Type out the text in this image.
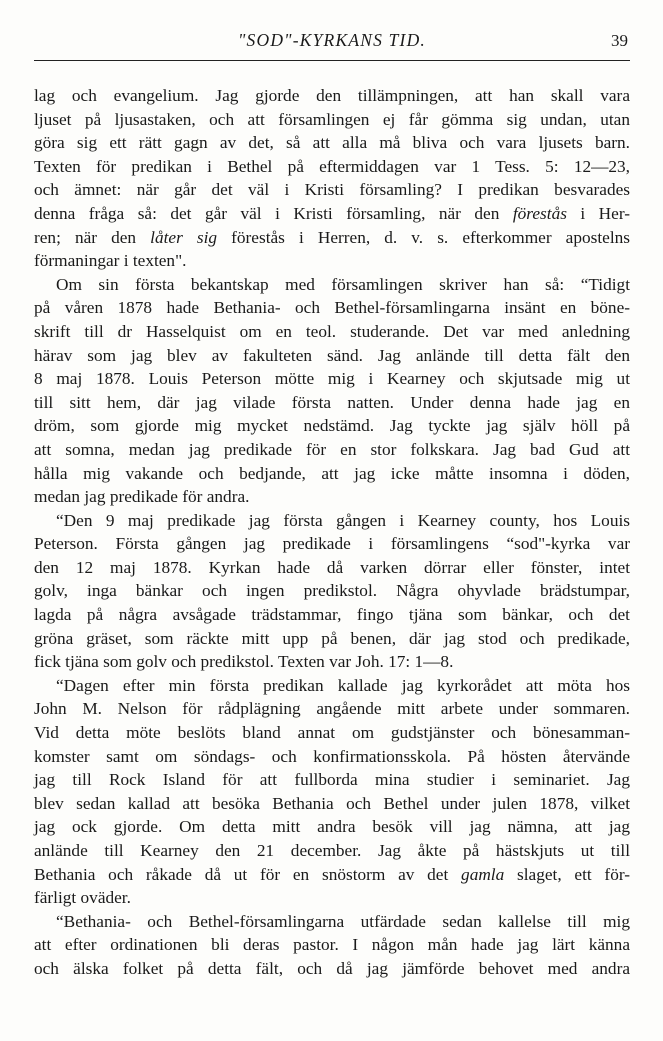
"SOD"-KYRKANS TID.	39
lag och evangelium. Jag gjorde den tillämpningen, att han skall vara
ljuset på ljusastaken, och att församlingen ej får gömma sig undan, utan
göra sig ett rätt gagn av det, så att alla må bliva och vara ljusets barn.
Texten för predikan i Bethel på eftermiddagen var 1 Tess. 5: 12—23,
och ämnet: när går det väl i Kristi församling? I predikan besvarades
denna fråga så: det går väl i Kristi församling, när den förestås i Her-
ren; när den låter sig förestås i Herren, d. v. s. efterkommer apostelns
förmaningar i texten".
Om sin första bekantskap med församlingen skriver han så: “Tidigt
på våren 1878 hade Bethania- och Bethel-församlingarna insänt en böne-
skrift till dr Hasselquist om en teol. studerande. Det var med anledning
härav som jag blev av fakulteten sänd. Jag anlände till detta fält den
8 maj 1878. Louis Peterson mötte mig i Kearney och skjutsade mig ut
till sitt hem, där jag vilade första natten. Under denna hade jag en
dröm, som gjorde mig mycket nedstämd. Jag tyckte jag själv höll på
att somna, medan jag predikade för en stor folkskara. Jag bad Gud att
hålla mig vakande och bedjande, att jag icke måtte insomna i döden,
medan jag predikade för andra.
“Den 9 maj predikade jag första gången i Kearney county, hos Louis
Peterson. Första gången jag predikade i församlingens “sod"-kyrka var
den 12 maj 1878. Kyrkan hade då varken dörrar eller fönster, intet
golv, inga bänkar och ingen predikstol. Några ohyvlade brädstumpar,
lagda på några avsågade trädstammar, fingo tjäna som bänkar, och det
gröna gräset, som räckte mitt upp på benen, där jag stod och predikade,
fick tjäna som golv och predikstol. Texten var Joh. 17: 1—8.
“Dagen efter min första predikan kallade jag kyrkorådet att möta hos
John M. Nelson för rådplägning angående mitt arbete under sommaren.
Vid detta möte beslöts bland annat om gudstjänster och bönesamman-
komster samt om söndags- och konfirmationsskola. På hösten återvände
jag till Rock Island för att fullborda mina studier i seminariet. Jag
blev sedan kallad att besöka Bethania och Bethel under julen 1878, vilket
jag ock gjorde. Om detta mitt andra besök vill jag nämna, att jag
anlände till Kearney den 21 december. Jag åkte på hästskjuts ut till
Bethania och råkade då ut för en snöstorm av det gamla slaget, ett för-
färligt oväder.
“Bethania- och Bethel-församlingarna utfärdade sedan kallelse till mig
att efter ordinationen bli deras pastor. I någon mån hade jag lärt känna
och älska folket på detta fält, och då jag jämförde behovet med andra
